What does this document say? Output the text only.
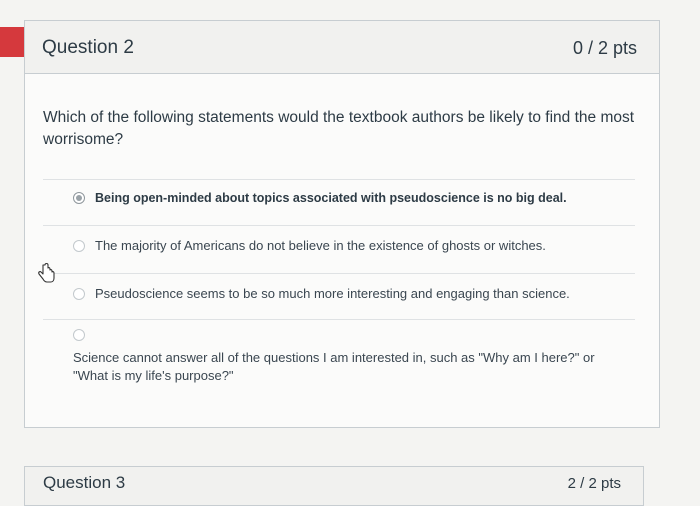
Question 2	0 / 2 pts
Which of the following statements would the textbook authors be likely to find the most worrisome?
Being open-minded about topics associated with pseudoscience is no big deal.
The majority of Americans do not believe in the existence of ghosts or witches.
Pseudoscience seems to be so much more interesting and engaging than science.
Science cannot answer all of the questions I am interested in, such as "Why am I here?" or "What is my life's purpose?"
Question 3	2 / 2 pts
